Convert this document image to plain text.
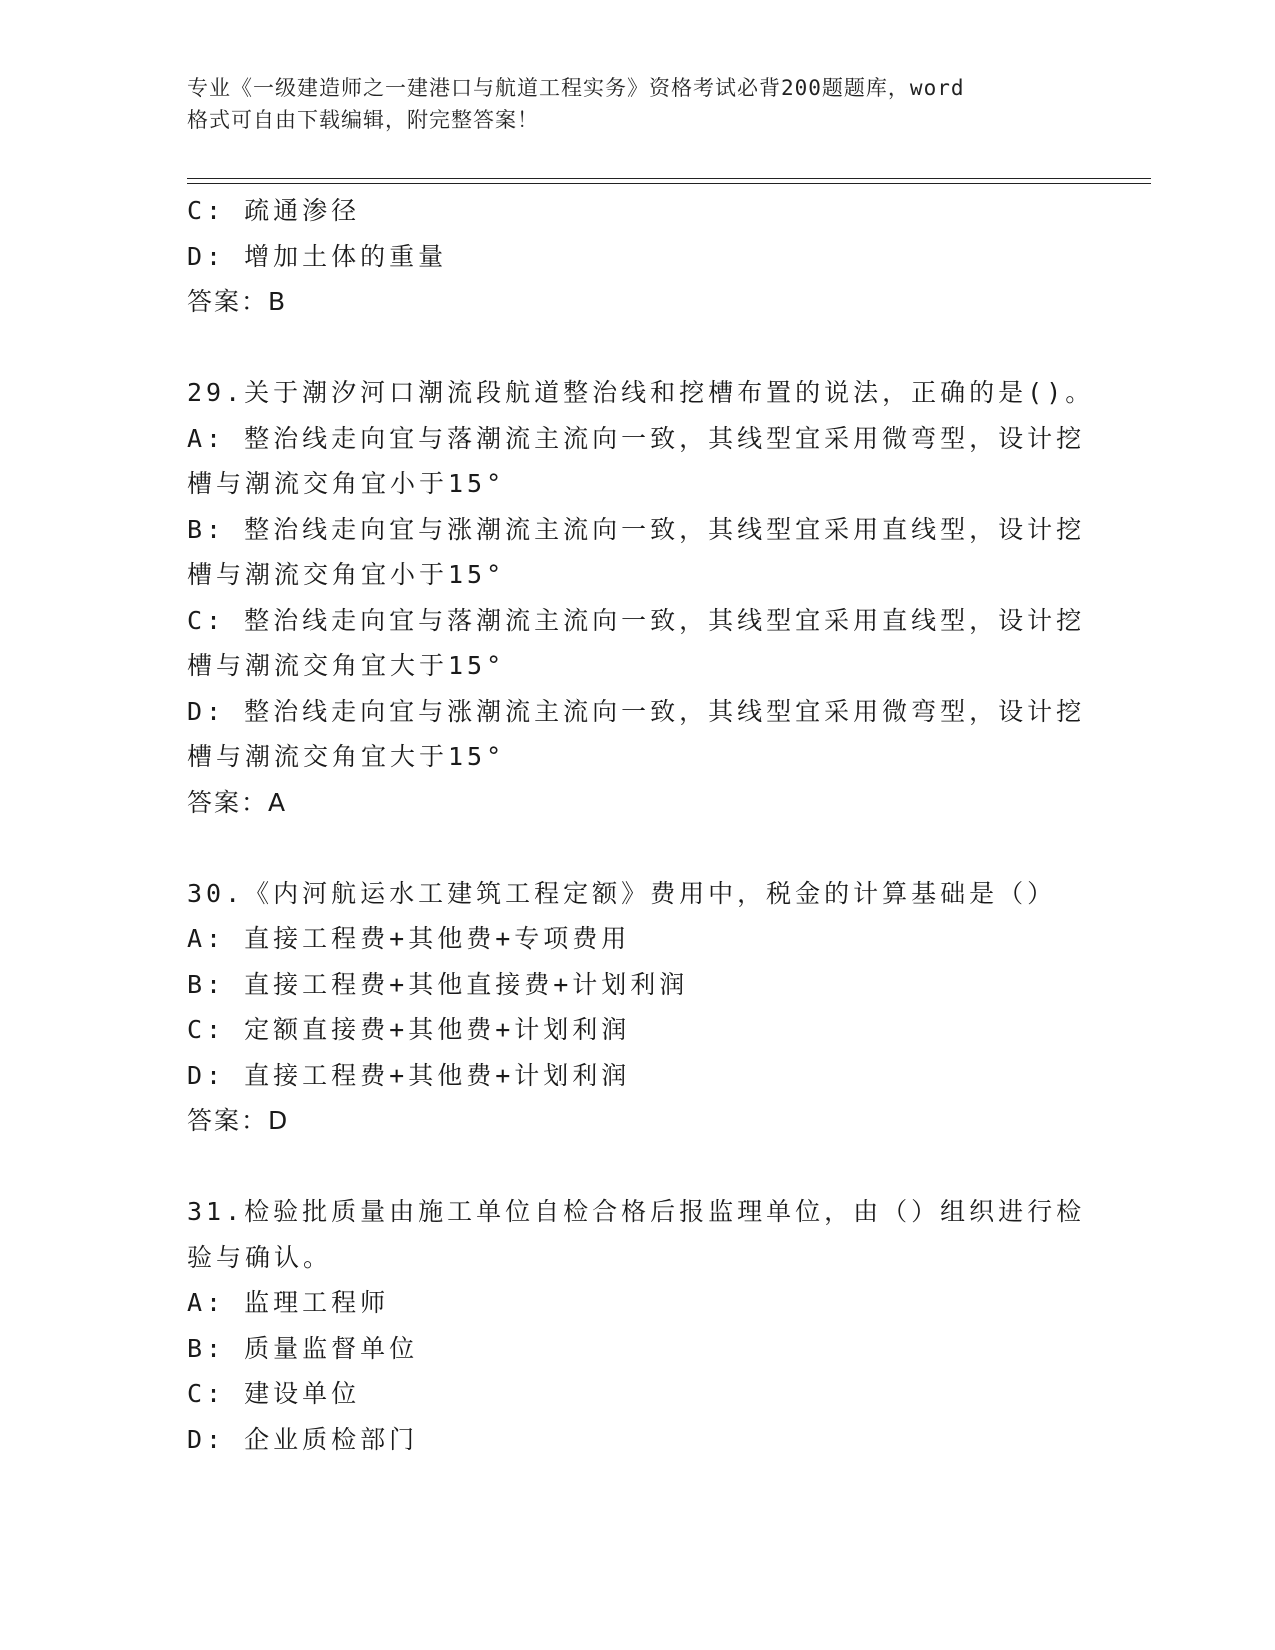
专业《一级建造师之一建港口与航道工程实务》资格考试必背200题题库，word
格式可自由下载编辑，附完整答案！
C: 疏通渗径
D: 增加土体的重量
答案：B
29.关于潮汐河口潮流段航道整治线和挖槽布置的说法，正确的是()。
A: 整治线走向宜与落潮流主流向一致，其线型宜采用微弯型，设计挖
槽与潮流交角宜小于15°
B: 整治线走向宜与涨潮流主流向一致，其线型宜采用直线型，设计挖
槽与潮流交角宜小于15°
C: 整治线走向宜与落潮流主流向一致，其线型宜采用直线型，设计挖
槽与潮流交角宜大于15°
D: 整治线走向宜与涨潮流主流向一致，其线型宜采用微弯型，设计挖
槽与潮流交角宜大于15°
答案：A
30.《内河航运水工建筑工程定额》费用中，税金的计算基础是（）
A: 直接工程费+其他费+专项费用
B: 直接工程费+其他直接费+计划利润
C: 定额直接费+其他费+计划利润
D: 直接工程费+其他费+计划利润
答案：D
31.检验批质量由施工单位自检合格后报监理单位，由（）组织进行检
验与确认。
A: 监理工程师
B: 质量监督单位
C: 建设单位
D: 企业质检部门
